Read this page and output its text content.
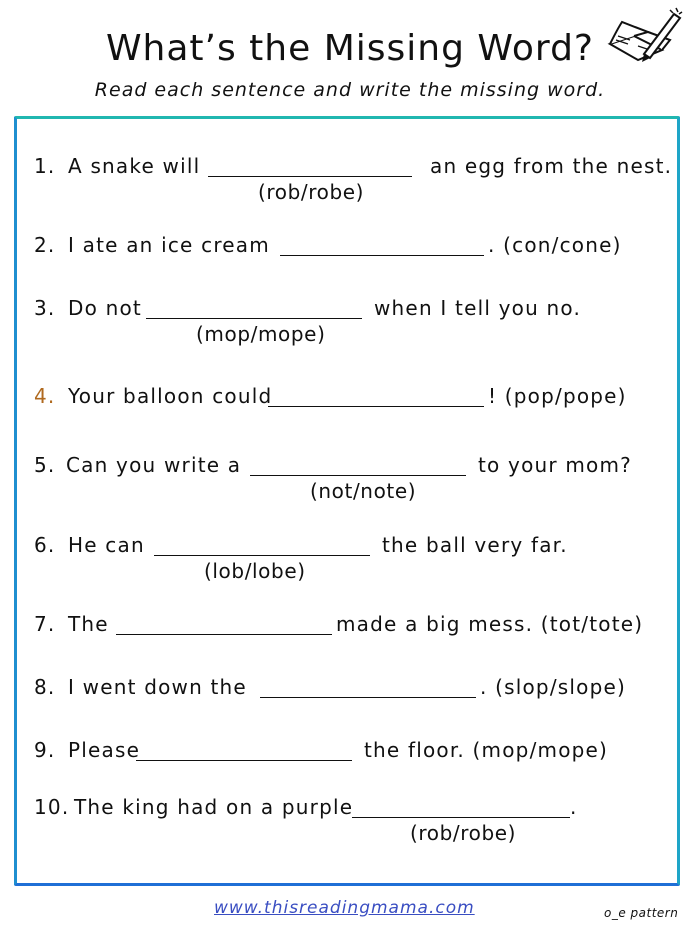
What’s the Missing Word?
Read each sentence and write the missing word.
1. A snake will	an egg from the nest.
(rob/robe)
2. I ate an ice cream	. (con/cone)
3. Do not	when I tell you no.
(mop/mope)
4. Your balloon could	! (pop/pope)
5. Can you write a	to your mom?
(not/note)
6. He can	the ball very far.
(lob/lobe)
7. The	made a big mess. (tot/tote)
8. I went down the	. (slop/slope)
9. Please	the floor. (mop/mope)
10. The king had on a purple	.
(rob/robe)
www.thisreadingmama.com	o_e pattern
